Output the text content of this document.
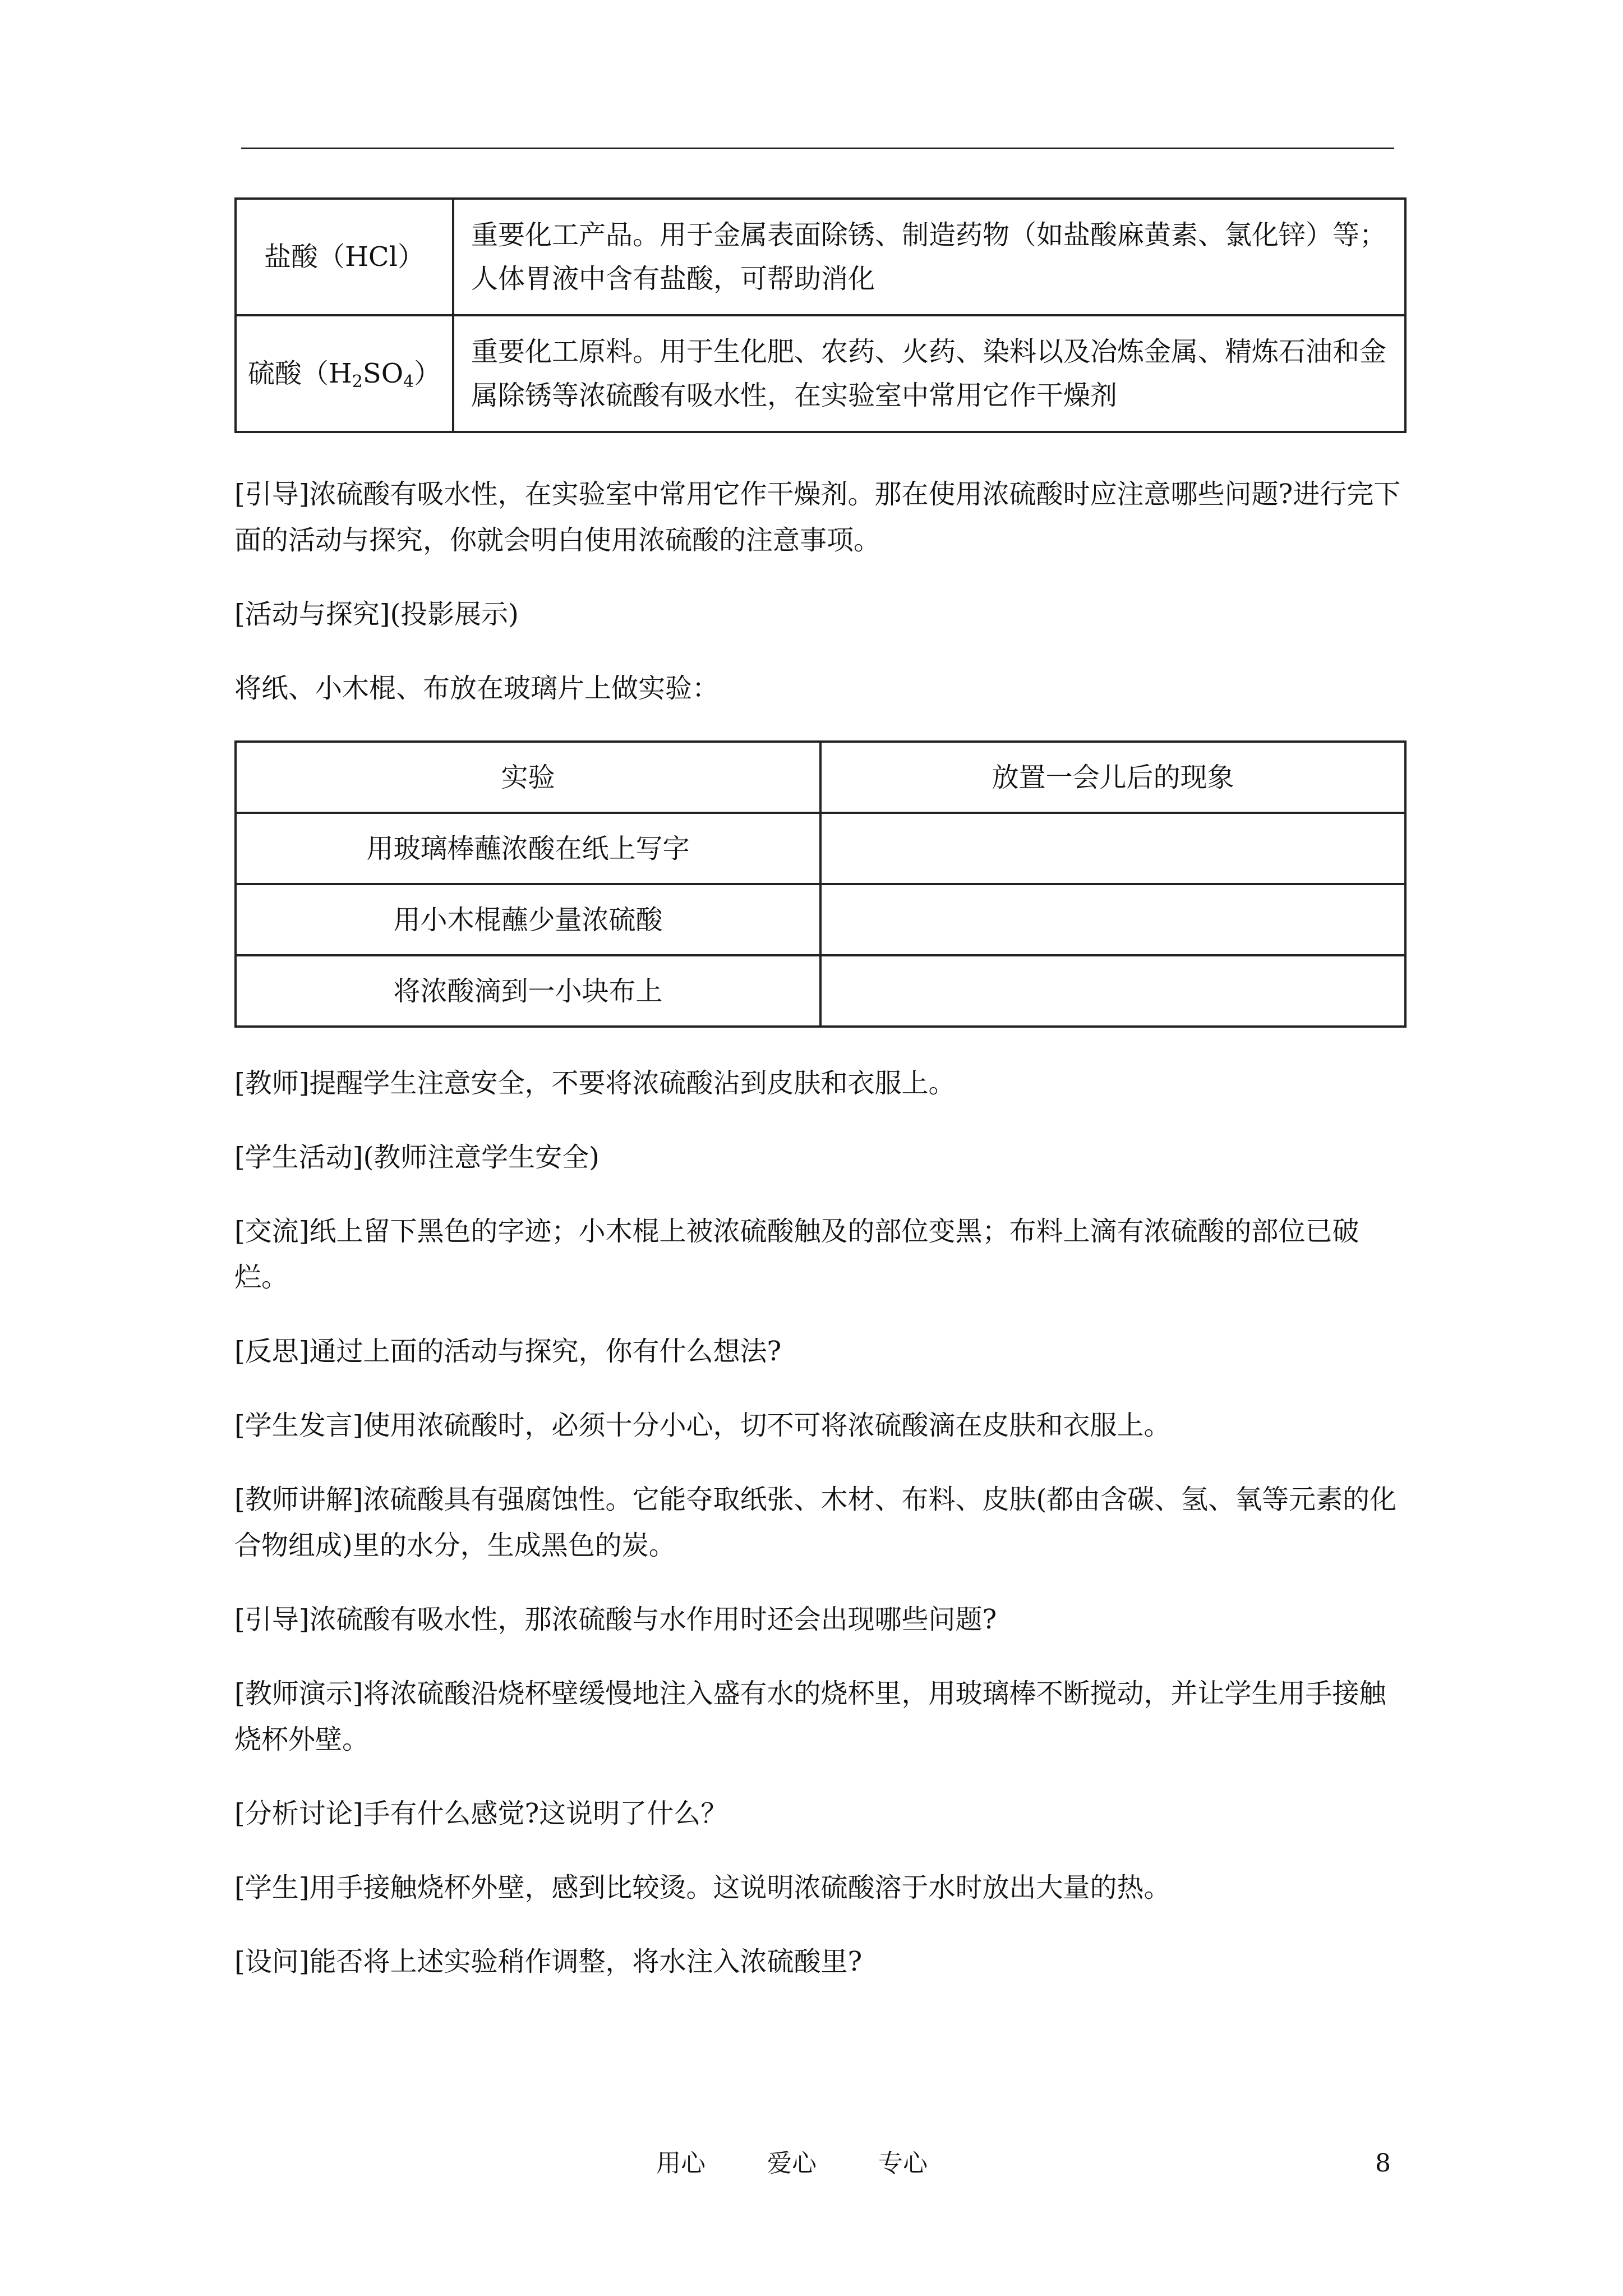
盐酸（HCl）	重要化工产品。用于金属表面除锈、制造药物（如盐酸麻黄素、氯化锌）等；人体胃液中含有盐酸，可帮助消化
硫酸$(H_2SO_4)$	重要化工原料。用于生化肥、农药、火药、染料以及冶炼金属、精炼石油和金属除锈等浓硫酸有吸水性，在实验室中常用它作干燥剂

[引导]浓硫酸有吸水性，在实验室中常用它作干燥剂。那在使用浓硫酸时应注意哪些问题?进行完下面的活动与探究，你就会明白使用浓硫酸的注意事项。

[活动与探究](投影展示)

将纸、小木棍、布放在玻璃片上做实验：

实验	放置一会儿后的现象
用玻璃棒蘸浓酸在纸上写字	
用小木棍蘸少量浓硫酸	
将浓酸滴到一小块布上	

[教师]提醒学生注意安全，不要将浓硫酸沾到皮肤和衣服上。

[学生活动](教师注意学生安全)

[交流]纸上留下黑色的字迹；小木棍上被浓硫酸触及的部位变黑；布料上滴有浓硫酸的部位已破烂。

[反思]通过上面的活动与探究，你有什么想法?

[学生发言]使用浓硫酸时，必须十分小心，切不可将浓硫酸滴在皮肤和衣服上。

[教师讲解]浓硫酸具有强腐蚀性。它能夺取纸张、木材、布料、皮肤(都由含碳、氢、氧等元素的化合物组成)里的水分，生成黑色的炭。

[引导]浓硫酸有吸水性，那浓硫酸与水作用时还会出现哪些问题?

[教师演示]将浓硫酸沿烧杯壁缓慢地注入盛有水的烧杯里，用玻璃棒不断搅动，并让学生用手接触烧杯外壁。

[分析讨论]手有什么感觉?这说明了什么？

[学生]用手接触烧杯外壁，感到比较烫。这说明浓硫酸溶于水时放出大量的热。

[设问]能否将上述实验稍作调整，将水注入浓硫酸里?

用心	爱心	专心	8
